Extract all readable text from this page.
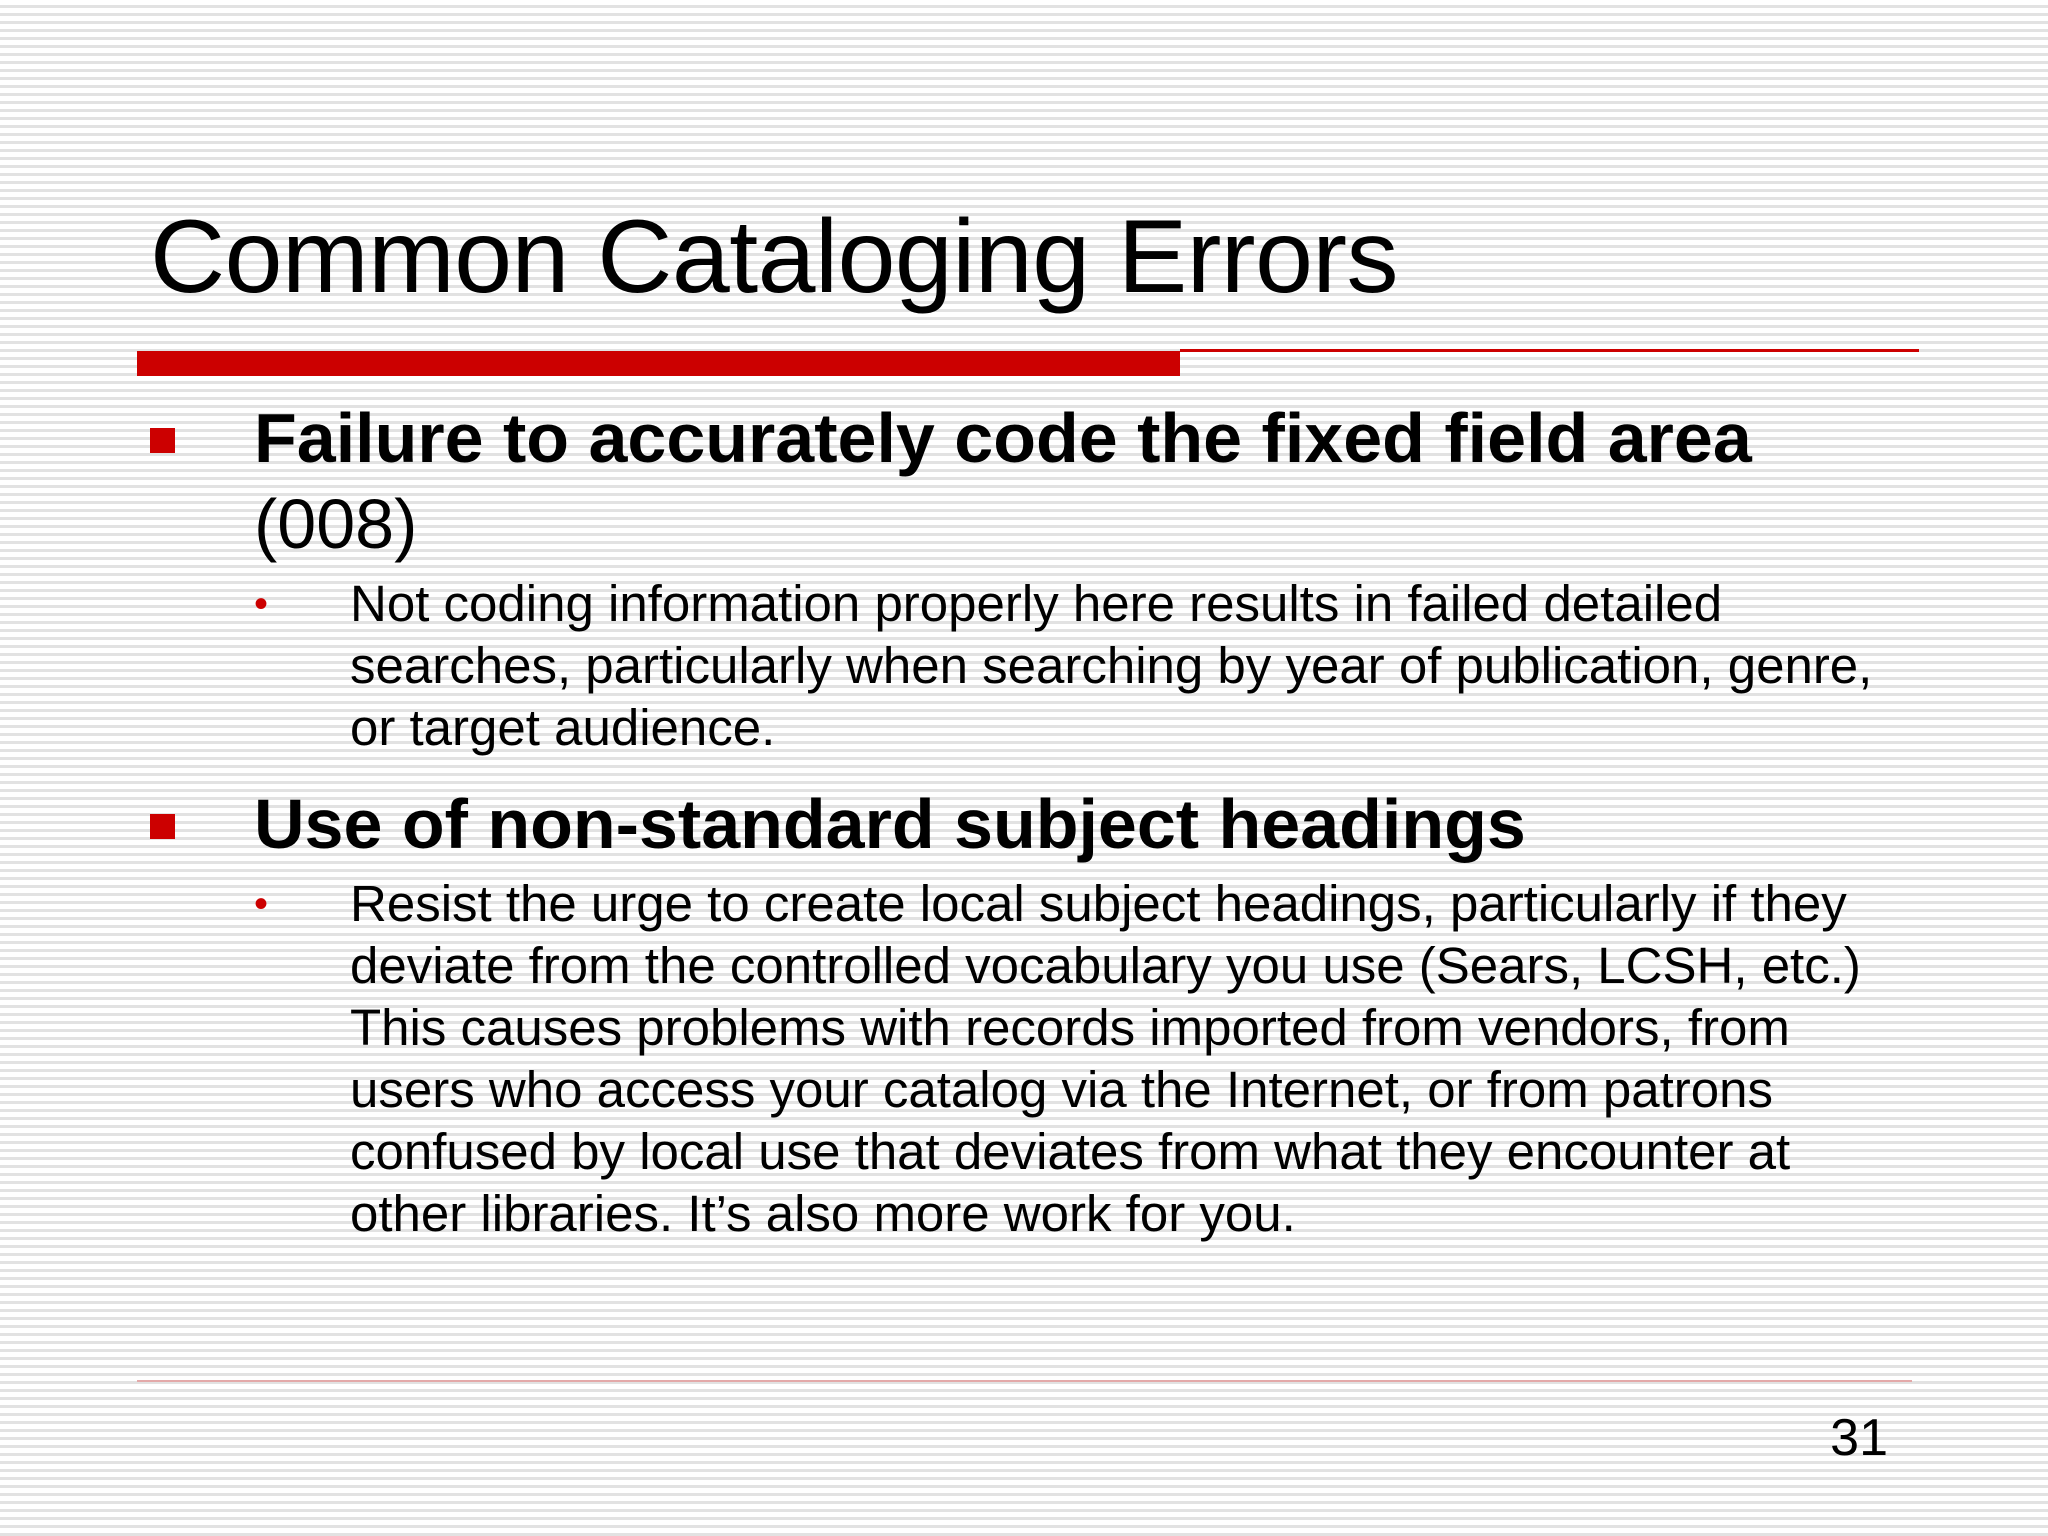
Common Cataloging Errors
Failure to accurately code the fixed field area (008)
• Not coding information properly here results in failed detailed searches, particularly when searching by year of publication, genre, or target audience.
Use of non-standard subject headings
• Resist the urge to create local subject headings, particularly if they deviate from the controlled vocabulary you use (Sears, LCSH, etc.) This causes problems with records imported from vendors, from users who access your catalog via the Internet, or from patrons confused by local use that deviates from what they encounter at other libraries. It’s also more work for you.
31
